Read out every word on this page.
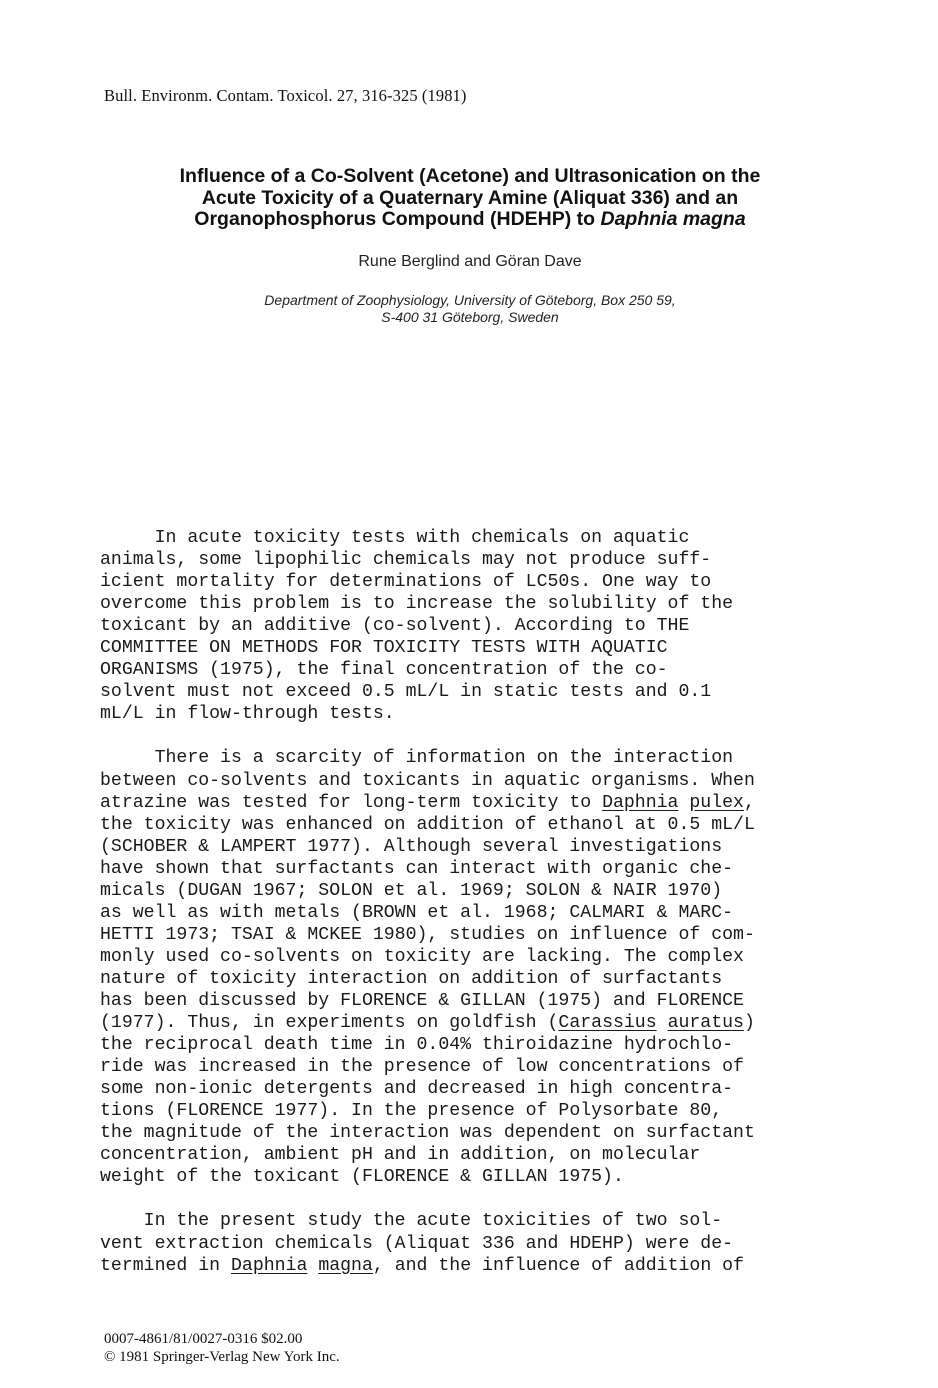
Bull. Environm. Contam. Toxicol. 27, 316-325 (1981)
Influence of a Co-Solvent (Acetone) and Ultrasonication on the
Acute Toxicity of a Quaternary Amine (Aliquat 336) and an
Organophosphorus Compound (HDEHP) to Daphnia magna
Rune Berglind and Göran Dave
Department of Zoophysiology, University of Göteborg, Box 250 59,
S-400 31 Göteborg, Sweden
In acute toxicity tests with chemicals on aquatic
animals, some lipophilic chemicals may not produce suff-
icient mortality for determinations of LC50s. One way to
overcome this problem is to increase the solubility of the
toxicant by an additive (co-solvent). According to THE
COMMITTEE ON METHODS FOR TOXICITY TESTS WITH AQUATIC
ORGANISMS (1975), the final concentration of the co-
solvent must not exceed 0.5 mL/L in static tests and 0.1
mL/L in flow-through tests.
There is a scarcity of information on the interaction
between co-solvents and toxicants in aquatic organisms. When
atrazine was tested for long-term toxicity to Daphnia pulex,
the toxicity was enhanced on addition of ethanol at 0.5 mL/L
(SCHOBER & LAMPERT 1977). Although several investigations
have shown that surfactants can interact with organic che-
micals (DUGAN 1967; SOLON et al. 1969; SOLON & NAIR 1970)
as well as with metals (BROWN et al. 1968; CALMARI & MARC-
HETTI 1973; TSAI & MCKEE 1980), studies on influence of com-
monly used co-solvents on toxicity are lacking. The complex
nature of toxicity interaction on addition of surfactants
has been discussed by FLORENCE & GILLAN (1975) and FLORENCE
(1977). Thus, in experiments on goldfish (Carassius auratus)
the reciprocal death time in 0.04% thiroidazine hydrochlo-
ride was increased in the presence of low concentrations of
some non-ionic detergents and decreased in high concentra-
tions (FLORENCE 1977). In the presence of Polysorbate 80,
the magnitude of the interaction was dependent on surfactant
concentration, ambient pH and in addition, on molecular
weight of the toxicant (FLORENCE & GILLAN 1975).
In the present study the acute toxicities of two sol-
vent extraction chemicals (Aliquat 336 and HDEHP) were de-
termined in Daphnia magna, and the influence of addition of
0007-4861/81/0027-0316 $02.00
© 1981 Springer-Verlag New York Inc.
